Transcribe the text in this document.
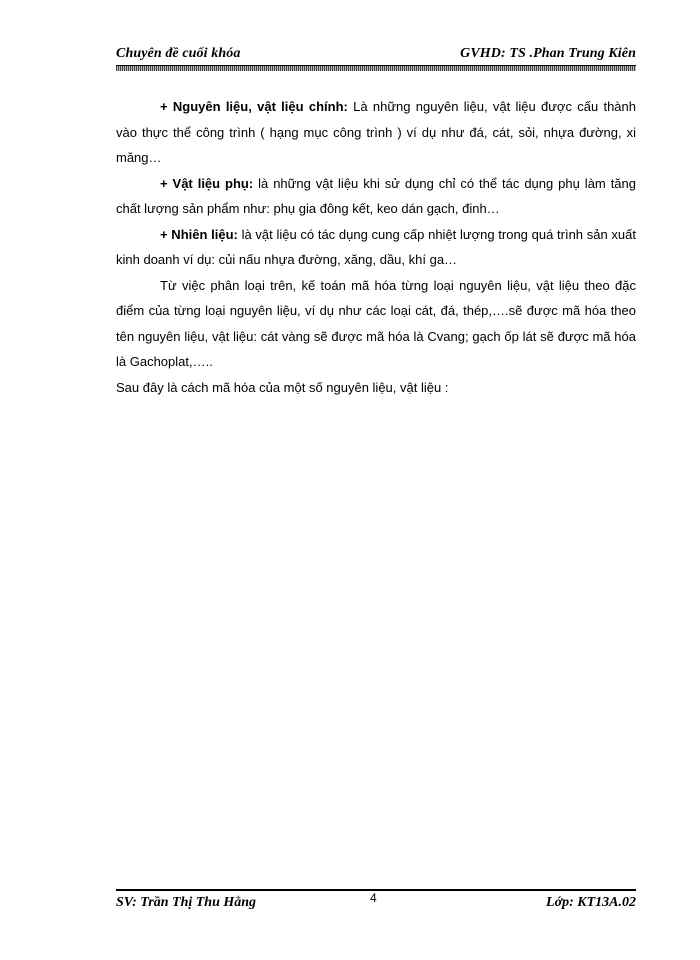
Chuyên đề cuối khóa	GVHD: TS .Phan Trung Kiên

+ Nguyên liệu, vật liệu chính: Là những nguyên liệu, vật liệu được cấu thành vào thực thể công trình ( hạng mục công trình ) ví dụ như đá, cát, sỏi, nhựa đường, xi măng…

+ Vật liệu phụ: là những vật liệu khi sử dụng chỉ có thể tác dụng phụ làm tăng chất lượng sản phẩm như: phụ gia đông kết, keo dán gạch, đinh…

+ Nhiên liệu: là vật liệu có tác dụng cung cấp nhiệt lượng trong quá trình sản xuất kinh doanh ví dụ: củi nấu nhựa đường, xăng, dầu, khí ga…

Từ việc phân loại trên, kế toán mã hóa từng loại nguyên liệu, vật liệu theo đặc điểm của từng loại nguyên liệu, ví dụ như các loại cát, đá, thép,….sẽ được mã hóa theo tên nguyên liệu, vật liệu: cát vàng sẽ được mã hóa là Cvang; gạch ốp lát sẽ được mã hóa là Gachoplat,…..

Sau đây là cách mã hóa của một số nguyên liệu, vật liệu :

SV: Trần Thị Thu Hằng	4	Lớp: KT13A.02
